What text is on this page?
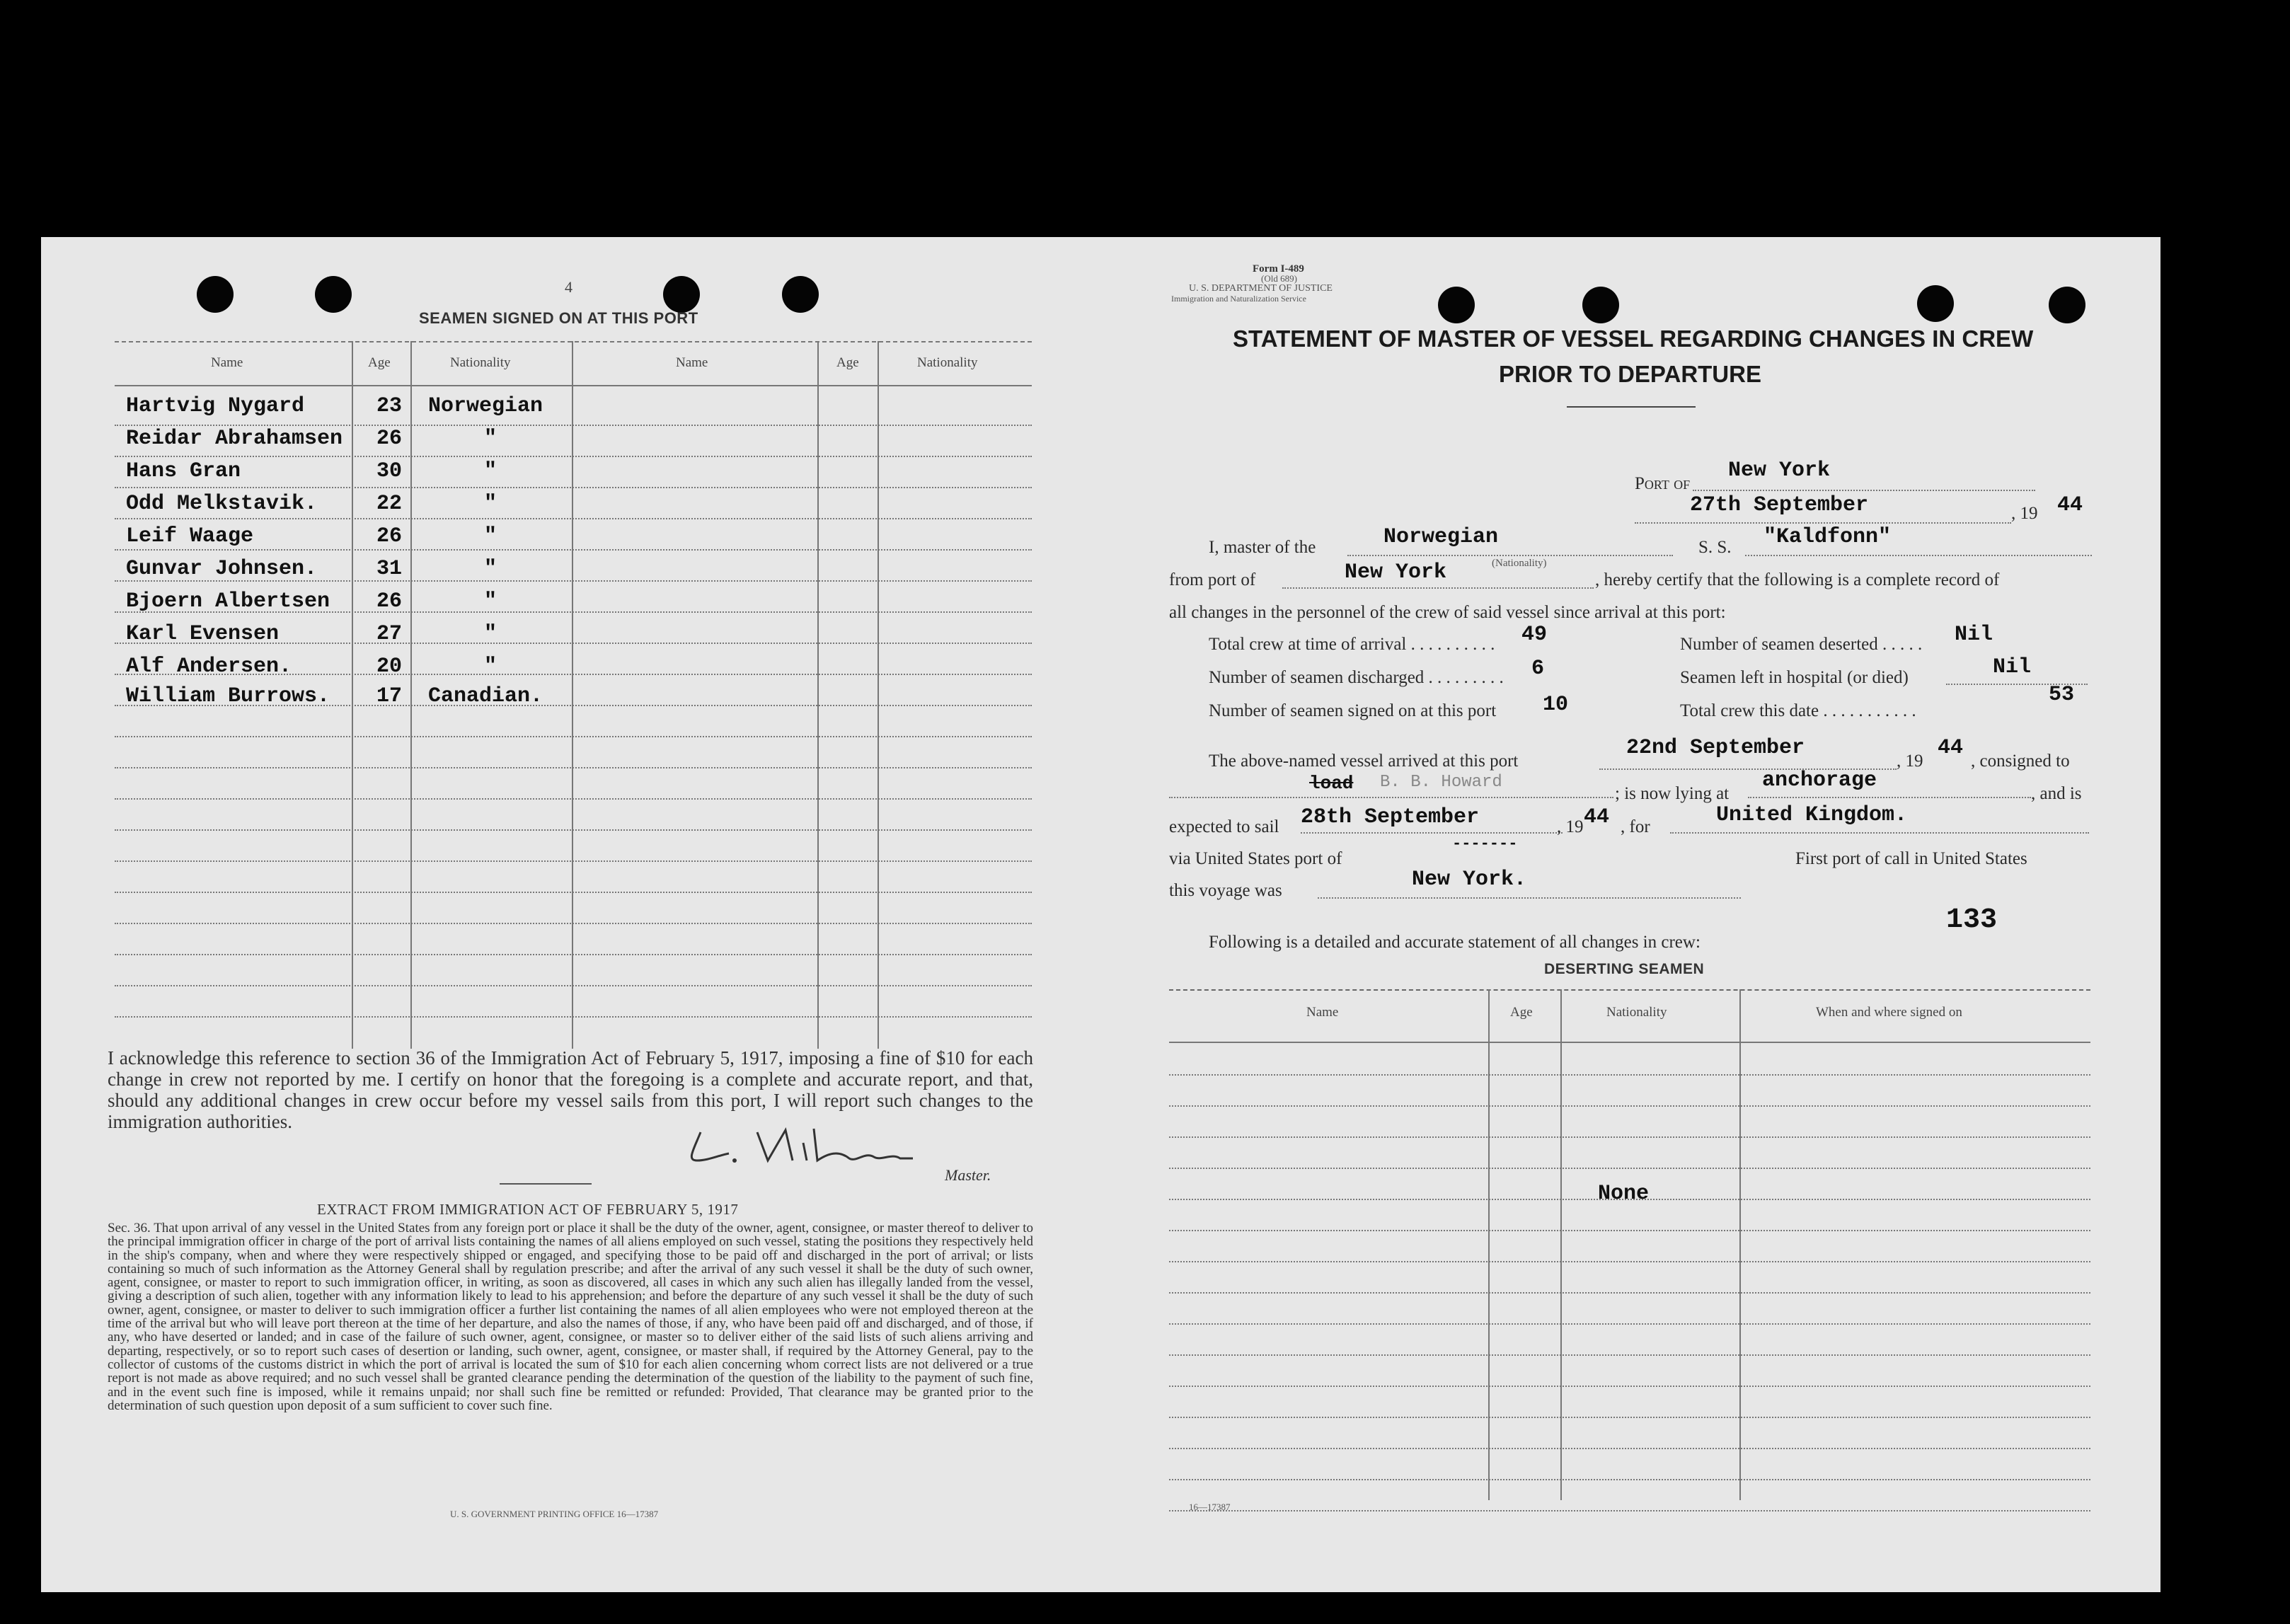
4
SEAMEN SIGNED ON AT THIS PORT
Name	Age	Nationality	Name	Age	Nationality
Hartvig Nygard	23 Norwegian
Reidar Abrahamsen 26	"
Hans Gran	30	"
Odd Melkstavik.	22	"
Leif Waage	26	"
Gunvar Johnsen.	31	"
Bjoern Albertsen 26	"
Karl Evensen	27	"
Alf Andersen.	20	"
William Burrows. 17 Canadian.
I acknowledge this reference to section 36 of the Immigration Act of February 5, 1917, imposing a fine of $10 for each change in crew not reported by me. I certify on honor that the foregoing is a complete and accurate report, and that, should any additional changes in crew occur before my vessel sails from this port, I will report such changes to the immigration authorities.
Master.
EXTRACT FROM IMMIGRATION ACT OF FEBRUARY 5, 1917
Sec. 36. That upon arrival of any vessel in the United States from any foreign port or place it shall be the duty of the owner, agent, consignee, or master thereof to deliver to the principal immigration officer in charge of the port of arrival lists containing the names of all aliens employed on such vessel, stating the positions they respectively held in the ship's company, when and where they were respectively shipped or engaged, and specifying those to be paid off and discharged in the port of arrival; or lists containing so much of such information as the Attorney General shall by regulation prescribe; and after the arrival of any such vessel it shall be the duty of such owner, agent, consignee, or master to report to such immigration officer, in writing, as soon as discovered, all cases in which any such alien has illegally landed from the vessel, giving a description of such alien, together with any information likely to lead to his apprehension; and before the departure of any such vessel it shall be the duty of such owner, agent, consignee, or master to deliver to such immigration officer a further list containing the names of all alien employees who were not employed thereon at the time of the arrival but who will leave port thereon at the time of her departure, and also the names of those, if any, who have been paid off and discharged, and of those, if any, who have deserted or landed; and in case of the failure of such owner, agent, consignee, or master so to deliver either of the said lists of such aliens arriving and departing, respectively, or so to report such cases of desertion or landing, such owner, agent, consignee, or master shall, if required by the Attorney General, pay to the collector of customs of the customs district in which the port of arrival is located the sum of $10 for each alien concerning whom correct lists are not delivered or a true report is not made as above required; and no such vessel shall be granted clearance pending the determination of the question of the liability to the payment of such fine, and in the event such fine is imposed, while it remains unpaid; nor shall such fine be remitted or refunded: Provided, That clearance may be granted prior to the determination of such question upon deposit of a sum sufficient to cover such fine.
U. S. GOVERNMENT PRINTING OFFICE 16—17387
Form I-489
(Old 689)
U. S. DEPARTMENT OF JUSTICE
Immigration and Naturalization Service
STATEMENT OF MASTER OF VESSEL REGARDING CHANGES IN CREW
PRIOR TO DEPARTURE
Port of
New York
27th September	, 19 44
I, master of the	Norwegian
(Nationality)
S. S. "Kaldfonn"
from port of	New York	, hereby certify that the following is a complete record of
all changes in the personnel of the crew of said vessel since arrival at this port:
Total crew at time of arrival . . . . . . . . . . 49	Number of seamen deserted . . . . . Nil
Number of seamen discharged . . . . . . . . . 6	Seamen left in hospital (or died)	Nil
Number of seamen signed on at this port 10	Total crew this date . . . . . . . . . . .
53
The above-named vessel arrived at this port
22nd September
, 19
44
, consigned to
load B. B. Howard
; is now lying at
anchorage
, and is
expected to sail 28th September	, 19 44 , for	United Kingdom.
via United States port of
-------
First port of call in United States
this voyage was	New York.
133
Following is a detailed and accurate statement of all changes in crew:
DESERTING SEAMEN
Name	Age	Nationality	When and where signed on
None
16—17387
